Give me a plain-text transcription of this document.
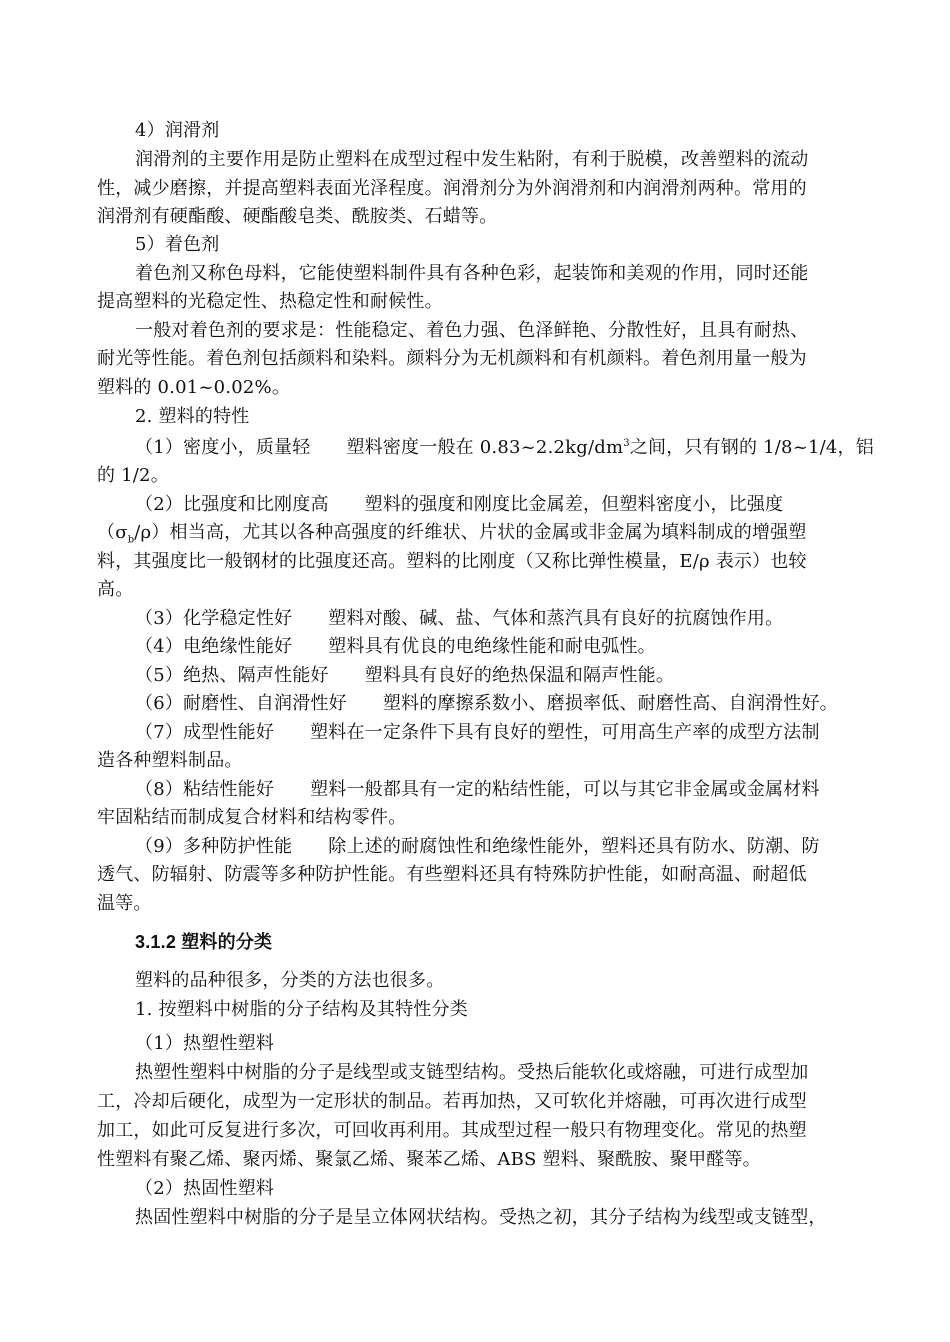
4）润滑剂
润滑剂的主要作用是防止塑料在成型过程中发生粘附，有利于脱模，改善塑料的流动
性，减少磨擦，并提高塑料表面光泽程度。润滑剂分为外润滑剂和内润滑剂两种。常用的
润滑剂有硬酯酸、硬酯酸皂类、酰胺类、石蜡等。
5）着色剂
着色剂又称色母料，它能使塑料制件具有各种色彩，起装饰和美观的作用，同时还能
提高塑料的光稳定性、热稳定性和耐候性。
一般对着色剂的要求是：性能稳定、着色力强、色泽鲜艳、分散性好，且具有耐热、
耐光等性能。着色剂包括颜料和染料。颜料分为无机颜料和有机颜料。着色剂用量一般为
塑料的 0.01~0.02%。
2. 塑料的特性
（1）密度小，质量轻 塑料密度一般在 $0.83\sim 2.2kg/dm^3$之间，只有钢的 1/8~1/4，铝
的 1/2。
（2）比强度和比刚度高 塑料的强度和刚度比金属差，但塑料密度小，比强度
$(\sigma_b/\rho)$相当高，尤其以各种高强度的纤维状、片状的金属或非金属为填料制成的增强塑
料，其强度比一般钢材的比强度还高。塑料的比刚度（又称比弹性模量，E/ρ 表示）也较
高。
（3）化学稳定性好 塑料对酸、碱、盐、气体和蒸汽具有良好的抗腐蚀作用。
（4）电绝缘性能好 塑料具有优良的电绝缘性能和耐电弧性。
（5）绝热、隔声性能好 塑料具有良好的绝热保温和隔声性能。
（6）耐磨性、自润滑性好 塑料的摩擦系数小、磨损率低、耐磨性高、自润滑性好。
（7）成型性能好 塑料在一定条件下具有良好的塑性，可用高生产率的成型方法制
造各种塑料制品。
（8）粘结性能好 塑料一般都具有一定的粘结性能，可以与其它非金属或金属材料
牢固粘结而制成复合材料和结构零件。
（9）多种防护性能 除上述的耐腐蚀性和绝缘性能外，塑料还具有防水、防潮、防
透气、防辐射、防震等多种防护性能。有些塑料还具有特殊防护性能，如耐高温、耐超低
温等。
3.1.2 塑料的分类
塑料的品种很多，分类的方法也很多。
1. 按塑料中树脂的分子结构及其特性分类
（1）热塑性塑料
热塑性塑料中树脂的分子是线型或支链型结构。受热后能软化或熔融，可进行成型加
工，冷却后硬化，成型为一定形状的制品。若再加热，又可软化并熔融，可再次进行成型
加工，如此可反复进行多次，可回收再利用。其成型过程一般只有物理变化。常见的热塑
性塑料有聚乙烯、聚丙烯、聚氯乙烯、聚苯乙烯、ABS 塑料、聚酰胺、聚甲醛等。
（2）热固性塑料
热固性塑料中树脂的分子是呈立体网状结构。受热之初，其分子结构为线型或支链型，
